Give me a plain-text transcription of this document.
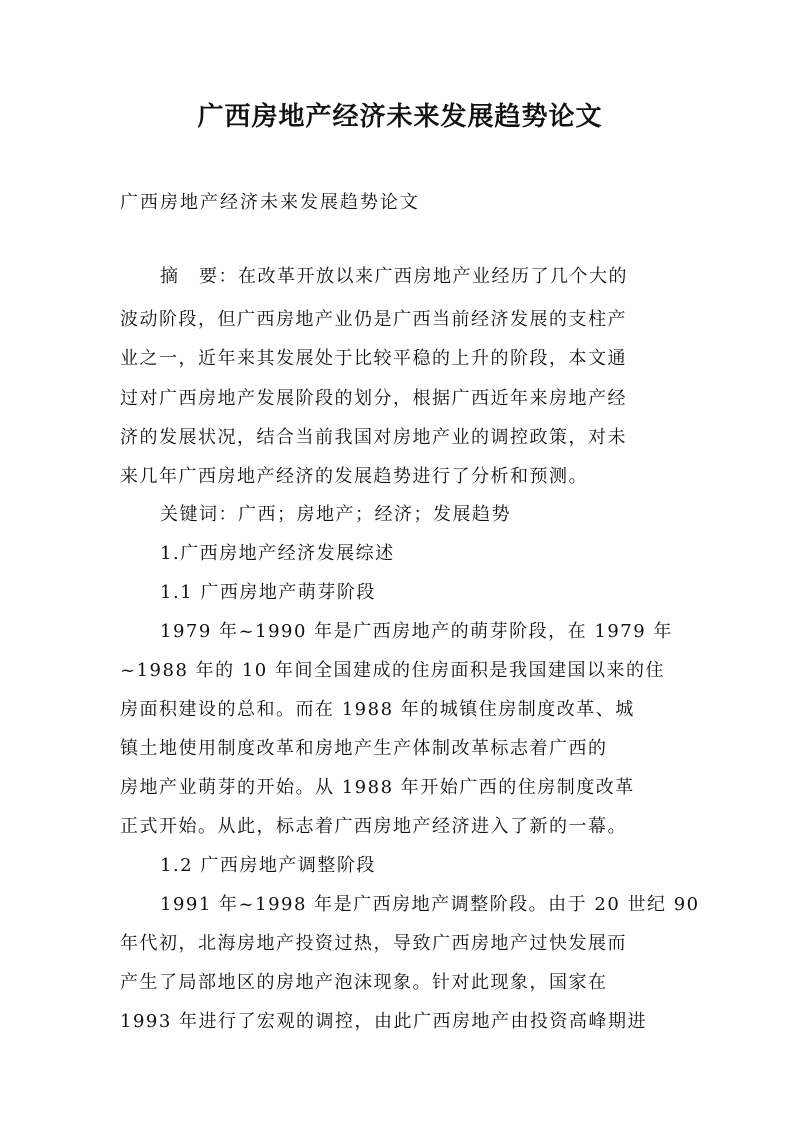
广西房地产经济未来发展趋势论文
广西房地产经济未来发展趋势论文
摘　要：在改革开放以来广西房地产业经历了几个大的
波动阶段，但广西房地产业仍是广西当前经济发展的支柱产
业之一，近年来其发展处于比较平稳的上升的阶段，本文通
过对广西房地产发展阶段的划分，根据广西近年来房地产经
济的发展状况，结合当前我国对房地产业的调控政策，对未
来几年广西房地产经济的发展趋势进行了分析和预测。
关键词：广西；房地产；经济；发展趋势
1.广西房地产经济发展综述
1.1 广西房地产萌芽阶段
1979 年~1990 年是广西房地产的萌芽阶段，在 1979 年
~1988 年的 10 年间全国建成的住房面积是我国建国以来的住
房面积建设的总和。而在 1988 年的城镇住房制度改革、城
镇土地使用制度改革和房地产生产体制改革标志着广西的
房地产业萌芽的开始。从 1988 年开始广西的住房制度改革
正式开始。从此，标志着广西房地产经济进入了新的一幕。
1.2 广西房地产调整阶段
1991 年~1998 年是广西房地产调整阶段。由于 20 世纪 90
年代初，北海房地产投资过热，导致广西房地产过快发展而
产生了局部地区的房地产泡沫现象。针对此现象，国家在
1993 年进行了宏观的调控，由此广西房地产由投资高峰期进
